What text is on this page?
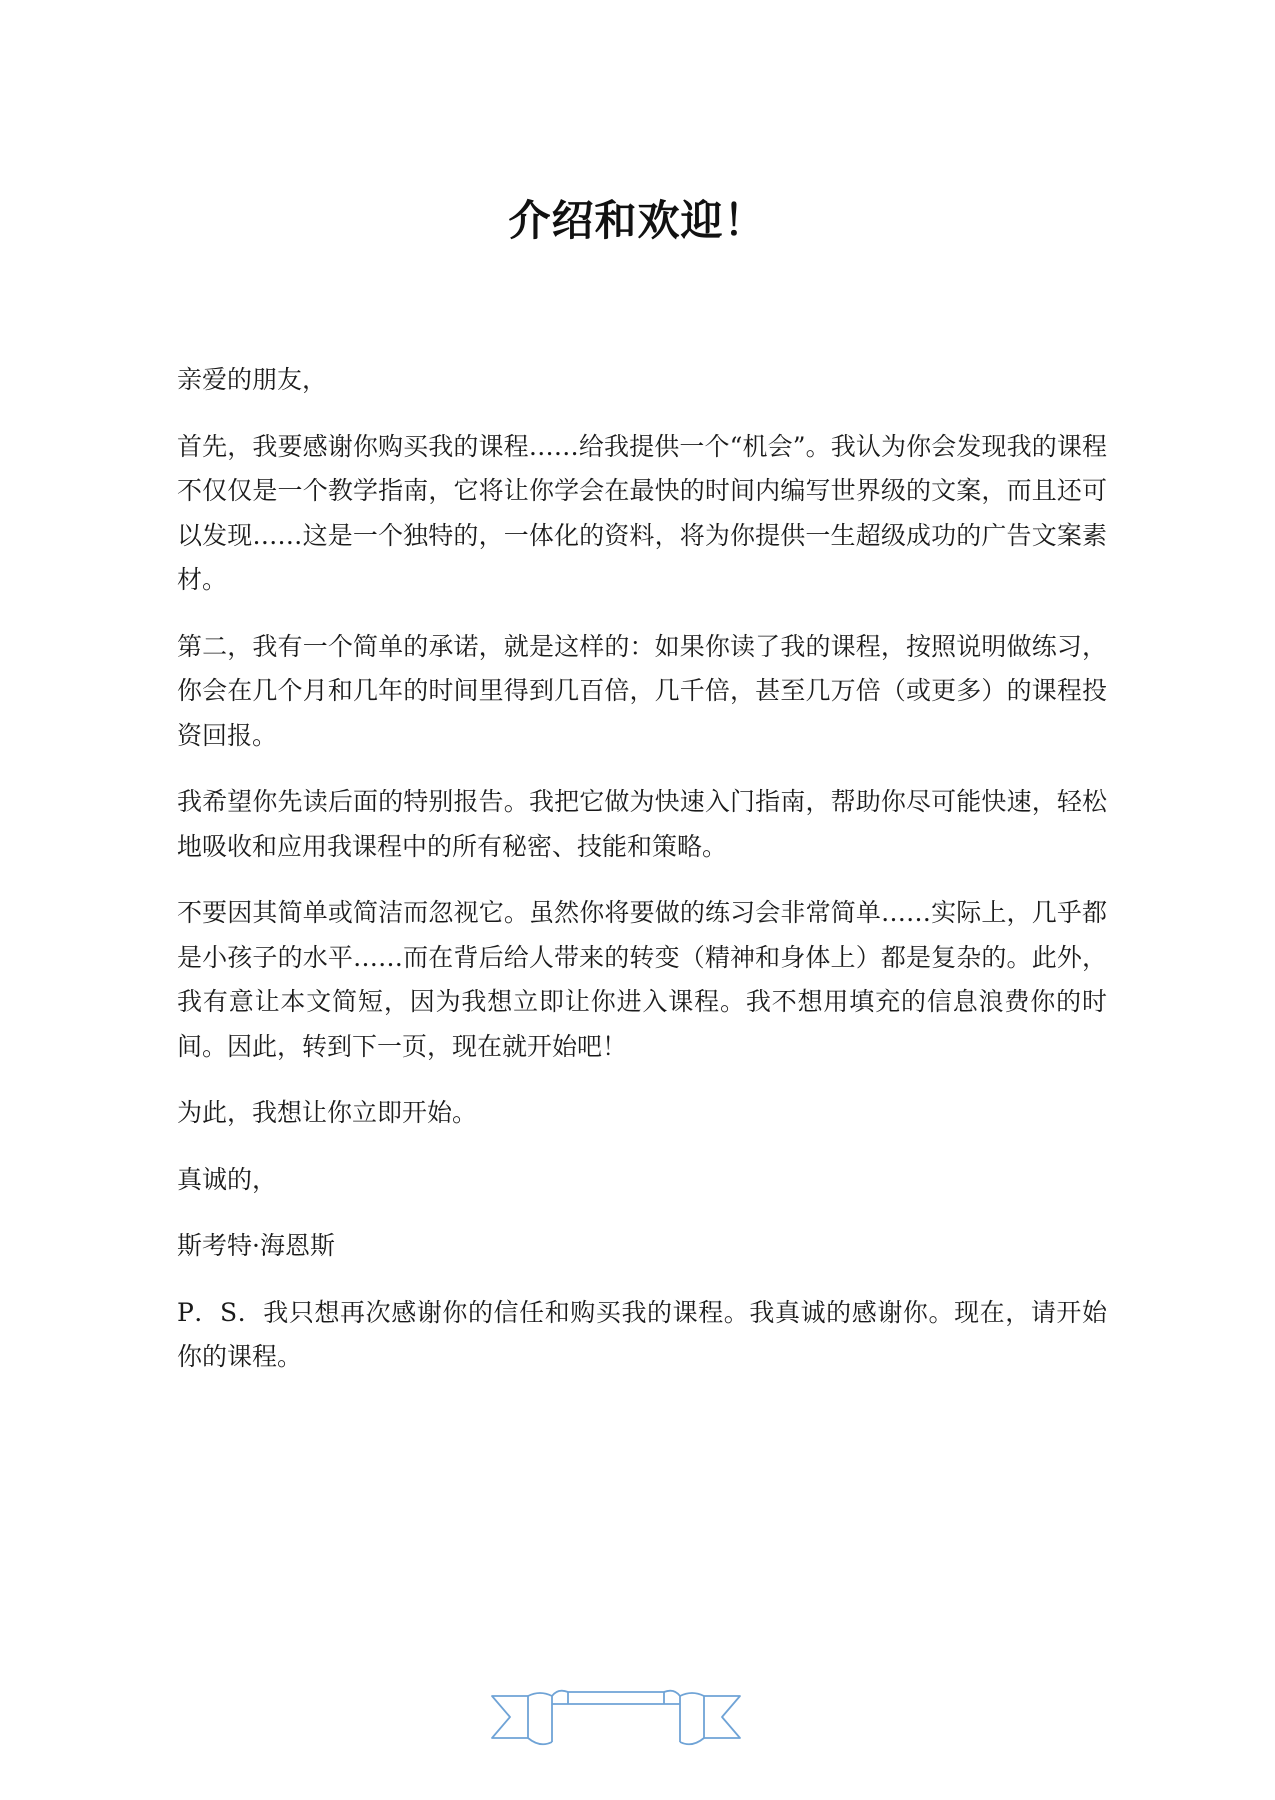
介绍和欢迎！

亲爱的朋友，

首先，我要感谢你购买我的课程……给我提供一个“机会”。我认为你会发现我的课程不仅仅是一个教学指南，它将让你学会在最快的时间内编写世界级的文案，而且还可以发现……这是一个独特的，一体化的资料，将为你提供一生超级成功的广告文案素材。

第二，我有一个简单的承诺，就是这样的：如果你读了我的课程，按照说明做练习，你会在几个月和几年的时间里得到几百倍，几千倍，甚至几万倍（或更多）的课程投资回报。

我希望你先读后面的特别报告。我把它做为快速入门指南，帮助你尽可能快速，轻松地吸收和应用我课程中的所有秘密、技能和策略。

不要因其简单或简洁而忽视它。虽然你将要做的练习会非常简单……实际上，几乎都是小孩子的水平……而在背后给人带来的转变（精神和身体上）都是复杂的。此外，我有意让本文简短，因为我想立即让你进入课程。我不想用填充的信息浪费你的时间。因此，转到下一页，现在就开始吧！

为此，我想让你立即开始。

真诚的，

斯考特·海恩斯

P．S．我只想再次感谢你的信任和购买我的课程。我真诚的感谢你。现在，请开始你的课程。
